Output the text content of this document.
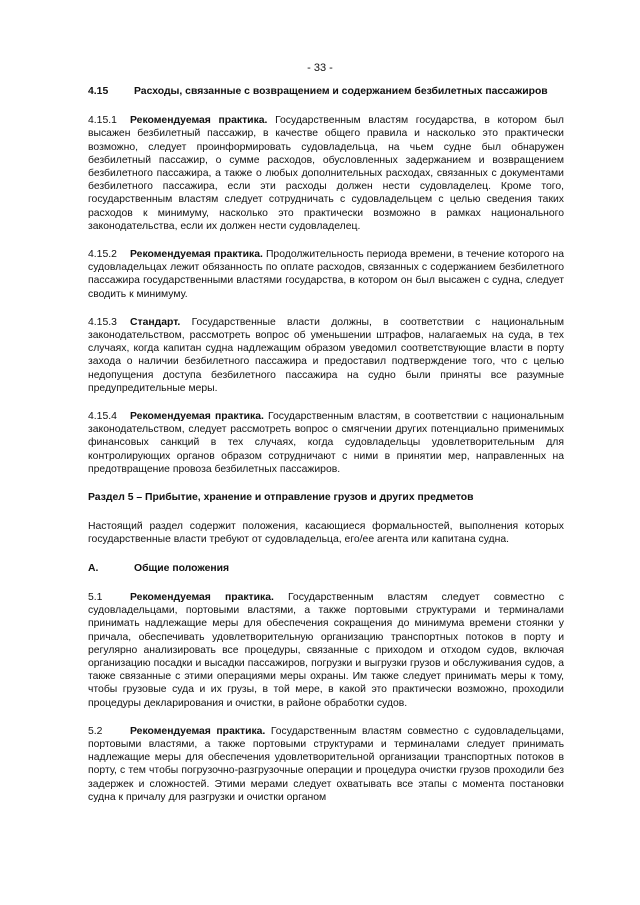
- 33 -
4.15	Расходы, связанные с возвращением и содержанием безбилетных пассажиров

4.15.1 Рекомендуемая практика. Государственным властям государства, в котором был высажен безбилетный пассажир, в качестве общего правила и насколько это практически возможно, следует проинформировать судовладельца, на чьем судне был обнаружен безбилетный пассажир, о сумме расходов, обусловленных задержанием и возвращением безбилетного пассажира, а также о любых дополнительных расходах, связанных с документами безбилетного пассажира, если эти расходы должен нести судовладелец. Кроме того, государственным властям следует сотрудничать с судовладельцем с целью сведения таких расходов к минимуму, насколько это практически возможно в рамках национального законодательства, если их должен нести судовладелец.

4.15.2 Рекомендуемая практика. Продолжительность периода времени, в течение которого на судовладельцах лежит обязанность по оплате расходов, связанных с содержанием безбилетного пассажира государственными властями государства, в котором он был высажен с судна, следует сводить к минимуму.

4.15.3 Стандарт. Государственные власти должны, в соответствии с национальным законодательством, рассмотреть вопрос об уменьшении штрафов, налагаемых на суда, в тех случаях, когда капитан судна надлежащим образом уведомил соответствующие власти в порту захода о наличии безбилетного пассажира и предоставил подтверждение того, что с целью недопущения доступа безбилетного пассажира на судно были приняты все разумные предупредительные меры.

4.15.4 Рекомендуемая практика. Государственным властям, в соответствии с национальным законодательством, следует рассмотреть вопрос о смягчении других потенциально применимых финансовых санкций в тех случаях, когда судовладельцы удовлетворительным для контролирующих органов образом сотрудничают с ними в принятии мер, направленных на предотвращение провоза безбилетных пассажиров.

Раздел 5 – Прибытие, хранение и отправление грузов и других предметов

Настоящий раздел содержит положения, касающиеся формальностей, выполнения которых государственные власти требуют от судовладельца, его/ее агента или капитана судна.

A.	Общие положения

5.1	Рекомендуемая практика. Государственным властям следует совместно с судовладельцами, портовыми властями, а также портовыми структурами и терминалами принимать надлежащие меры для обеспечения сокращения до минимума времени стоянки у причала, обеспечивать удовлетворительную организацию транспортных потоков в порту и регулярно анализировать все процедуры, связанные с приходом и отходом судов, включая организацию посадки и высадки пассажиров, погрузки и выгрузки грузов и обслуживания судов, а также связанные с этими операциями меры охраны. Им также следует принимать меры к тому, чтобы грузовые суда и их грузы, в той мере, в какой это практически возможно, проходили процедуры декларирования и очистки, в районе обработки судов.

5.2	Рекомендуемая практика. Государственным властям совместно с судовладельцами, портовыми властями, а также портовыми структурами и терминалами следует принимать надлежащие меры для обеспечения удовлетворительной организации транспортных потоков в порту, с тем чтобы погрузочно-разгрузочные операции и процедура очистки грузов проходили без задержек и сложностей. Этими мерами следует охватывать все этапы с момента постановки судна к причалу для разгрузки и очистки органом
